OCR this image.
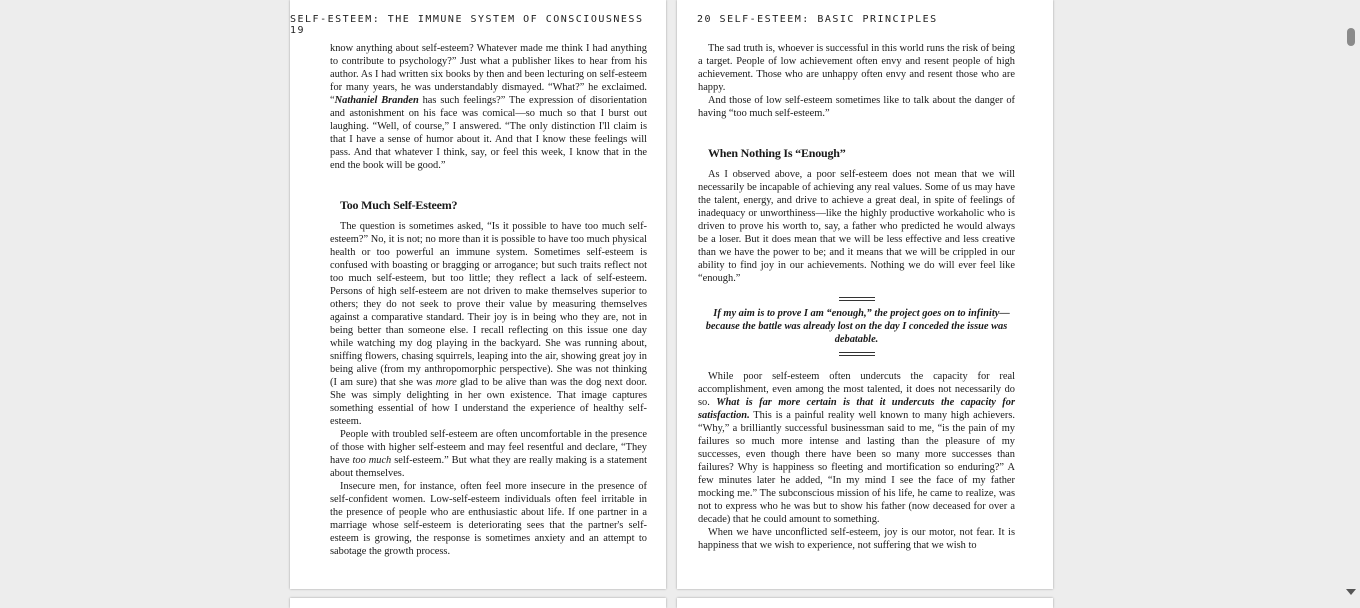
SELF-ESTEEM: THE IMMUNE SYSTEM OF CONSCIOUSNESS 19

know anything about self-esteem? Whatever made me think I had anything to contribute to psychology?” Just what a publisher likes to hear from his author. As I had written six books by then and been lecturing on self-esteem for many years, he was understandably dismayed. “What?” he exclaimed. “Nathaniel Branden has such feelings?” The expression of disorientation and astonishment on his face was comical—so much so that I burst out laughing. “Well, of course,” I answered. “The only distinction I'll claim is that I have a sense of humor about it. And that I know these feelings will pass. And that whatever I think, say, or feel this week, I know that in the end the book will be good.”

Too Much Self-Esteem?

The question is sometimes asked, “Is it possible to have too much self-esteem?” No, it is not; no more than it is possible to have too much physical health or too powerful an immune system. Sometimes self-esteem is confused with boasting or bragging or arrogance; but such traits reflect not too much self-esteem, but too little; they reflect a lack of self-esteem. Persons of high self-esteem are not driven to make themselves superior to others; they do not seek to prove their value by measuring themselves against a comparative standard. Their joy is in being who they are, not in being better than someone else. I recall reflecting on this issue one day while watching my dog playing in the backyard. She was running about, sniffing flowers, chasing squirrels, leaping into the air, showing great joy in being alive (from my anthropomorphic perspective). She was not thinking (I am sure) that she was more glad to be alive than was the dog next door. She was simply delighting in her own existence. That image captures something essential of how I understand the experience of healthy self-esteem.

People with troubled self-esteem are often uncomfortable in the presence of those with higher self-esteem and may feel resentful and declare, “They have too much self-esteem.” But what they are really making is a statement about themselves.

Insecure men, for instance, often feel more insecure in the presence of self-confident women. Low-self-esteem individuals often feel irritable in the presence of people who are enthusiastic about life. If one partner in a marriage whose self-esteem is deteriorating sees that the partner's self-esteem is growing, the response is sometimes anxiety and an attempt to sabotage the growth process.

20 SELF-ESTEEM: BASIC PRINCIPLES

The sad truth is, whoever is successful in this world runs the risk of being a target. People of low achievement often envy and resent people of high achievement. Those who are unhappy often envy and resent those who are happy.

And those of low self-esteem sometimes like to talk about the danger of having “too much self-esteem.”

When Nothing Is “Enough”

As I observed above, a poor self-esteem does not mean that we will necessarily be incapable of achieving any real values. Some of us may have the talent, energy, and drive to achieve a great deal, in spite of feelings of inadequacy or unworthiness—like the highly productive workaholic who is driven to prove his worth to, say, a father who predicted he would always be a loser. But it does mean that we will be less effective and less creative than we have the power to be; and it means that we will be crippled in our ability to find joy in our achievements. Nothing we do will ever feel like “enough.”

If my aim is to prove I am “enough,” the project goes on to infinity—because the battle was already lost on the day I conceded the issue was debatable.

While poor self-esteem often undercuts the capacity for real accomplishment, even among the most talented, it does not necessarily do so. What is far more certain is that it undercuts the capacity for satisfaction. This is a painful reality well known to many high achievers. “Why,” a brilliantly successful businessman said to me, “is the pain of my failures so much more intense and lasting than the pleasure of my successes, even though there have been so many more successes than failures? Why is happiness so fleeting and mortification so enduring?” A few minutes later he added, “In my mind I see the face of my father mocking me.” The subconscious mission of his life, he came to realize, was not to express who he was but to show his father (now deceased for over a decade) that he could amount to something.

When we have unconflicted self-esteem, joy is our motor, not fear. It is happiness that we wish to experience, not suffering that we wish to
